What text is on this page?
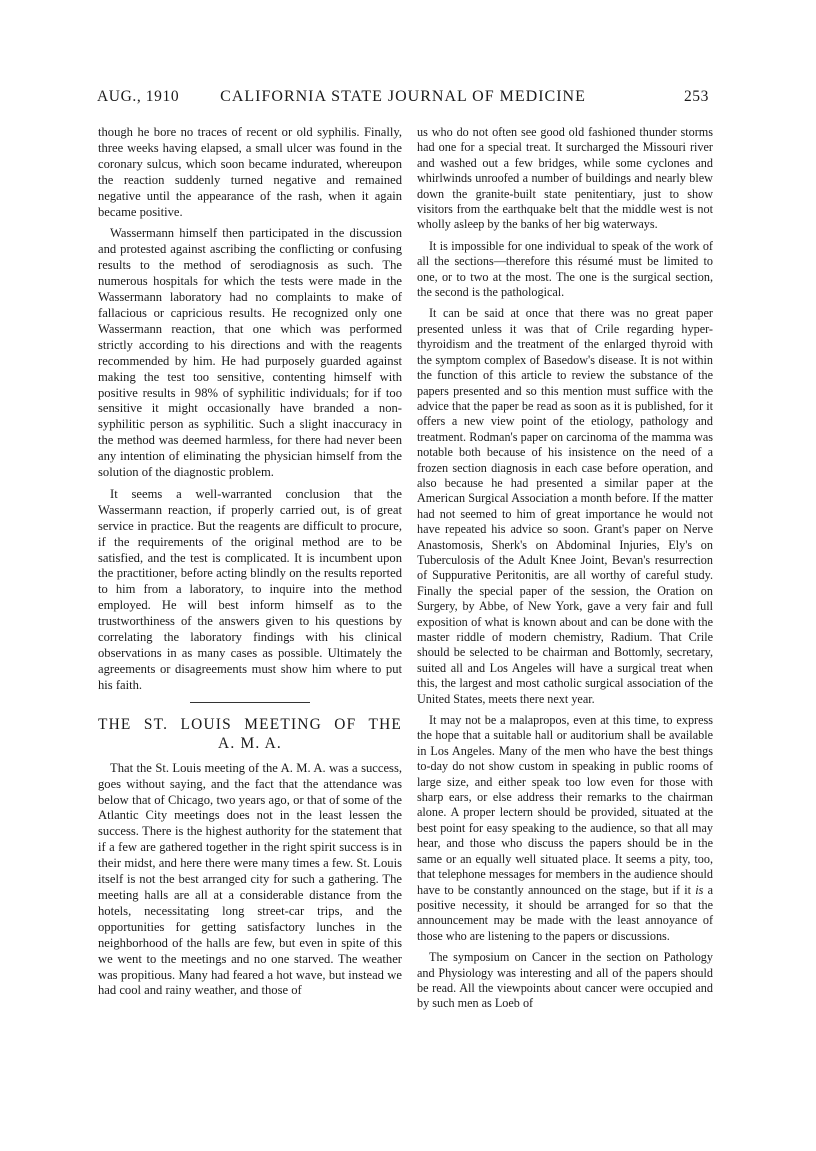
AUG., 1910	CALIFORNIA STATE JOURNAL OF MEDICINE	253

though he bore no traces of recent or old syphilis. Finally, three weeks having elapsed, a small ulcer was found in the coronary sulcus, which soon became indurated, whereupon the reaction suddenly turned negative and remained negative until the appearance of the rash, when it again became positive.

Wassermann himself then participated in the discussion and protested against ascribing the conflicting or confusing results to the method of serodiagnosis as such. The numerous hospitals for which the tests were made in the Wassermann laboratory had no complaints to make of fallacious or capricious results. He recognized only one Wassermann reaction, that one which was performed strictly according to his directions and with the reagents recommended by him. He had purposely guarded against making the test too sensitive, contenting himself with positive results in 98% of syphilitic individuals; for if too sensitive it might occasionally have branded a non-syphilitic person as syphilitic. Such a slight inaccuracy in the method was deemed harmless, for there had never been any intention of eliminating the physician himself from the solution of the diagnostic problem.

It seems a well-warranted conclusion that the Wassermann reaction, if properly carried out, is of great service in practice. But the reagents are difficult to procure, if the requirements of the original method are to be satisfied, and the test is complicated. It is incumbent upon the practitioner, before acting blindly on the results reported to him from a laboratory, to inquire into the method employed. He will best inform himself as to the trustworthiness of the answers given to his questions by correlating the laboratory findings with his clinical observations in as many cases as possible. Ultimately the agreements or disagreements must show him where to put his faith.

THE ST. LOUIS MEETING OF THE
A. M. A.

That the St. Louis meeting of the A. M. A. was a success, goes without saying, and the fact that the attendance was below that of Chicago, two years ago, or that of some of the Atlantic City meetings does not in the least lessen the success. There is the highest authority for the statement that if a few are gathered together in the right spirit success is in their midst, and here there were many times a few. St. Louis itself is not the best arranged city for such a gathering. The meeting halls are all at a considerable distance from the hotels, necessitating long street-car trips, and the opportunities for getting satisfactory lunches in the neighborhood of the halls are few, but even in spite of this we went to the meetings and no one starved. The weather was propitious. Many had feared a hot wave, but instead we had cool and rainy weather, and those of

us who do not often see good old fashioned thunder storms had one for a special treat. It surcharged the Missouri river and washed out a few bridges, while some cyclones and whirlwinds unroofed a number of buildings and nearly blew down the granite-built state penitentiary, just to show visitors from the earthquake belt that the middle west is not wholly asleep by the banks of her big waterways.

It is impossible for one individual to speak of the work of all the sections—therefore this résumé must be limited to one, or to two at the most. The one is the surgical section, the second is the pathological.

It can be said at once that there was no great paper presented unless it was that of Crile regarding hyper-thyroidism and the treatment of the enlarged thyroid with the symptom complex of Basedow's disease. It is not within the function of this article to review the substance of the papers presented and so this mention must suffice with the advice that the paper be read as soon as it is published, for it offers a new view point of the etiology, pathology and treatment. Rodman's paper on carcinoma of the mamma was notable both because of his insistence on the need of a frozen section diagnosis in each case before operation, and also because he had presented a similar paper at the American Surgical Association a month before. If the matter had not seemed to him of great importance he would not have repeated his advice so soon. Grant's paper on Nerve Anastomosis, Sherk's on Abdominal Injuries, Ely's on Tuberculosis of the Adult Knee Joint, Bevan's resurrection of Suppurative Peritonitis, are all worthy of careful study. Finally the special paper of the session, the Oration on Surgery, by Abbe, of New York, gave a very fair and full exposition of what is known about and can be done with the master riddle of modern chemistry, Radium. That Crile should be selected to be chairman and Bottomly, secretary, suited all and Los Angeles will have a surgical treat when this, the largest and most catholic surgical association of the United States, meets there next year.

It may not be a malapropos, even at this time, to express the hope that a suitable hall or auditorium shall be available in Los Angeles. Many of the men who have the best things to-day do not show custom in speaking in public rooms of large size, and either speak too low even for those with sharp ears, or else address their remarks to the chairman alone. A proper lectern should be provided, situated at the best point for easy speaking to the audience, so that all may hear, and those who discuss the papers should be in the same or an equally well situated place. It seems a pity, too, that telephone messages for members in the audience should have to be constantly announced on the stage, but if it is a positive necessity, it should be arranged for so that the announcement may be made with the least annoyance of those who are listening to the papers or discussions.

The symposium on Cancer in the section on Pathology and Physiology was interesting and all of the papers should be read. All the viewpoints about cancer were occupied and by such men as Loeb of
